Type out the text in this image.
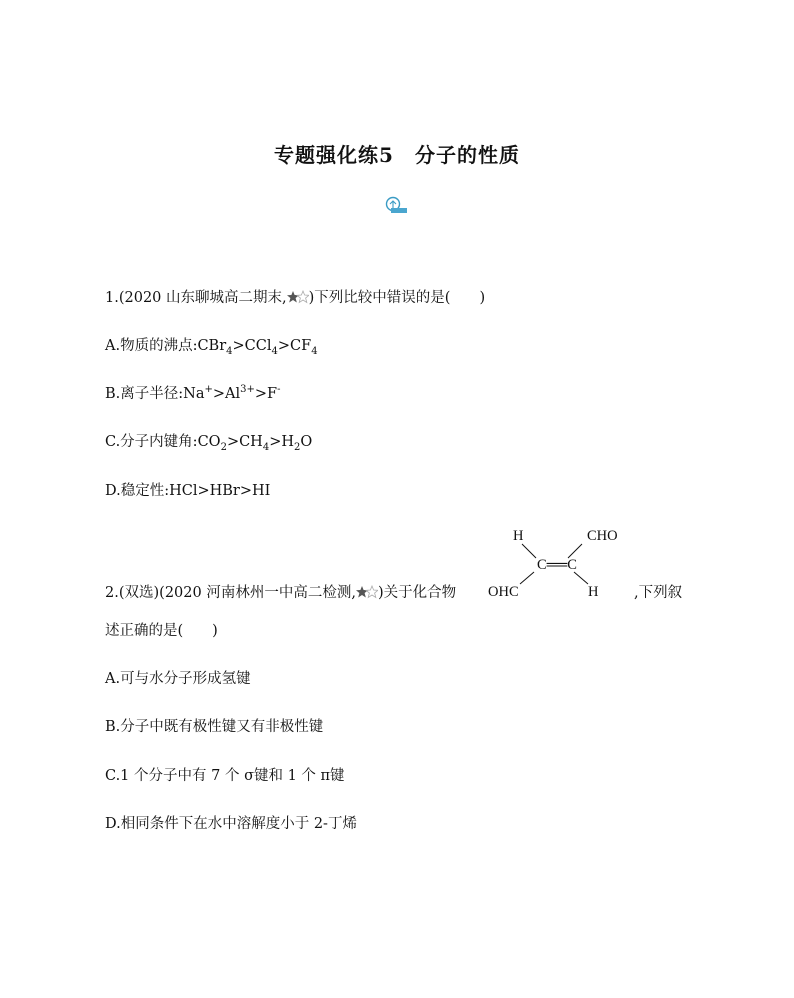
专题强化练5　分子的性质
1.(2020 山东聊城高二期末, )下列比较中错误的是(　　)
A.物质的沸点$:CBr_4>CCl_4>CF_4$
B.离子半径$:Na^+>Al^{3+}>F^-$
C.分子内键角$:CO_2>CH_4>H_2O$
D.稳定性:HCl>HBr>HI
2.(双选)(2020 河南林州一中高二检测, )关于化合物
H	CHO
C══C
OHC	H ,下列叙
述正确的是(　　)
A.可与水分子形成氢键
B.分子中既有极性键又有非极性键
C.1 个分子中有 7 个 σ键和 1 个 π键
D.相同条件下在水中溶解度小于 2-丁烯
